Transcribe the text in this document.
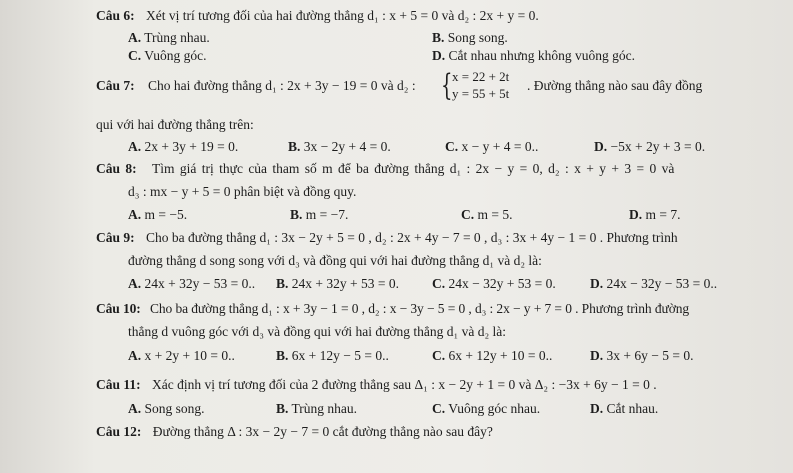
Câu 6: Xét vị trí tương đối của hai đường thẳng d₁ : x + 5 = 0 và d₂ : 2x + y = 0.
A. Trùng nhau.	B. Song song.
C. Vuông góc.	D. Cắt nhau nhưng không vuông góc.
Câu 7: Cho hai đường thẳng d₁ : 2x + 3y − 19 = 0 và d₂ : { x = 22 + 2t
y = 55 + 5t
. Đường thẳng nào sau đây đồng
qui với hai đường thẳng trên:
A. 2x + 3y + 19 = 0.	B. 3x − 2y + 4 = 0.	C. x − y + 4 = 0..	D. −5x + 2y + 3 = 0.
Câu 8: Tìm giá trị thực của tham số m để ba đường thẳng d₁ : 2x − y = 0, d₂ : x + y + 3 = 0 và
d₃ : mx − y + 5 = 0 phân biệt và đồng quy.
A. m = −5.	B. m = −7.	C. m = 5.	D. m = 7.
Câu 9: Cho ba đường thẳng d₁ : 3x − 2y + 5 = 0 , d₂ : 2x + 4y − 7 = 0 , d₃ : 3x + 4y − 1 = 0 . Phương trình
đường thẳng d song song với d₃ và đồng qui với hai đường thẳng d₁ và d₂ là:
A. 24x + 32y − 53 = 0.. B. 24x + 32y + 53 = 0. C. 24x − 32y + 53 = 0.	D. 24x − 32y − 53 = 0..
Câu 10: Cho ba đường thẳng d₁ : x + 3y − 1 = 0 , d₂ : x − 3y − 5 = 0 , d₃ : 2x − y + 7 = 0 . Phương trình đường
thẳng d vuông góc với d₃ và đồng qui với hai đường thẳng d₁ và d₂ là:
A. x + 2y + 10 = 0..	B. 6x + 12y − 5 = 0..	C. 6x + 12y + 10 = 0..	D. 3x + 6y − 5 = 0.
Câu 11: Xác định vị trí tương đối của 2 đường thẳng sau Δ₁ : x − 2y + 1 = 0 và Δ₂ : −3x + 6y − 1 = 0 .
A. Song song.	B. Trùng nhau.	C. Vuông góc nhau.	D. Cắt nhau.
Câu 12: Đường thẳng Δ : 3x − 2y − 7 = 0 cắt đường thẳng nào sau đây?
